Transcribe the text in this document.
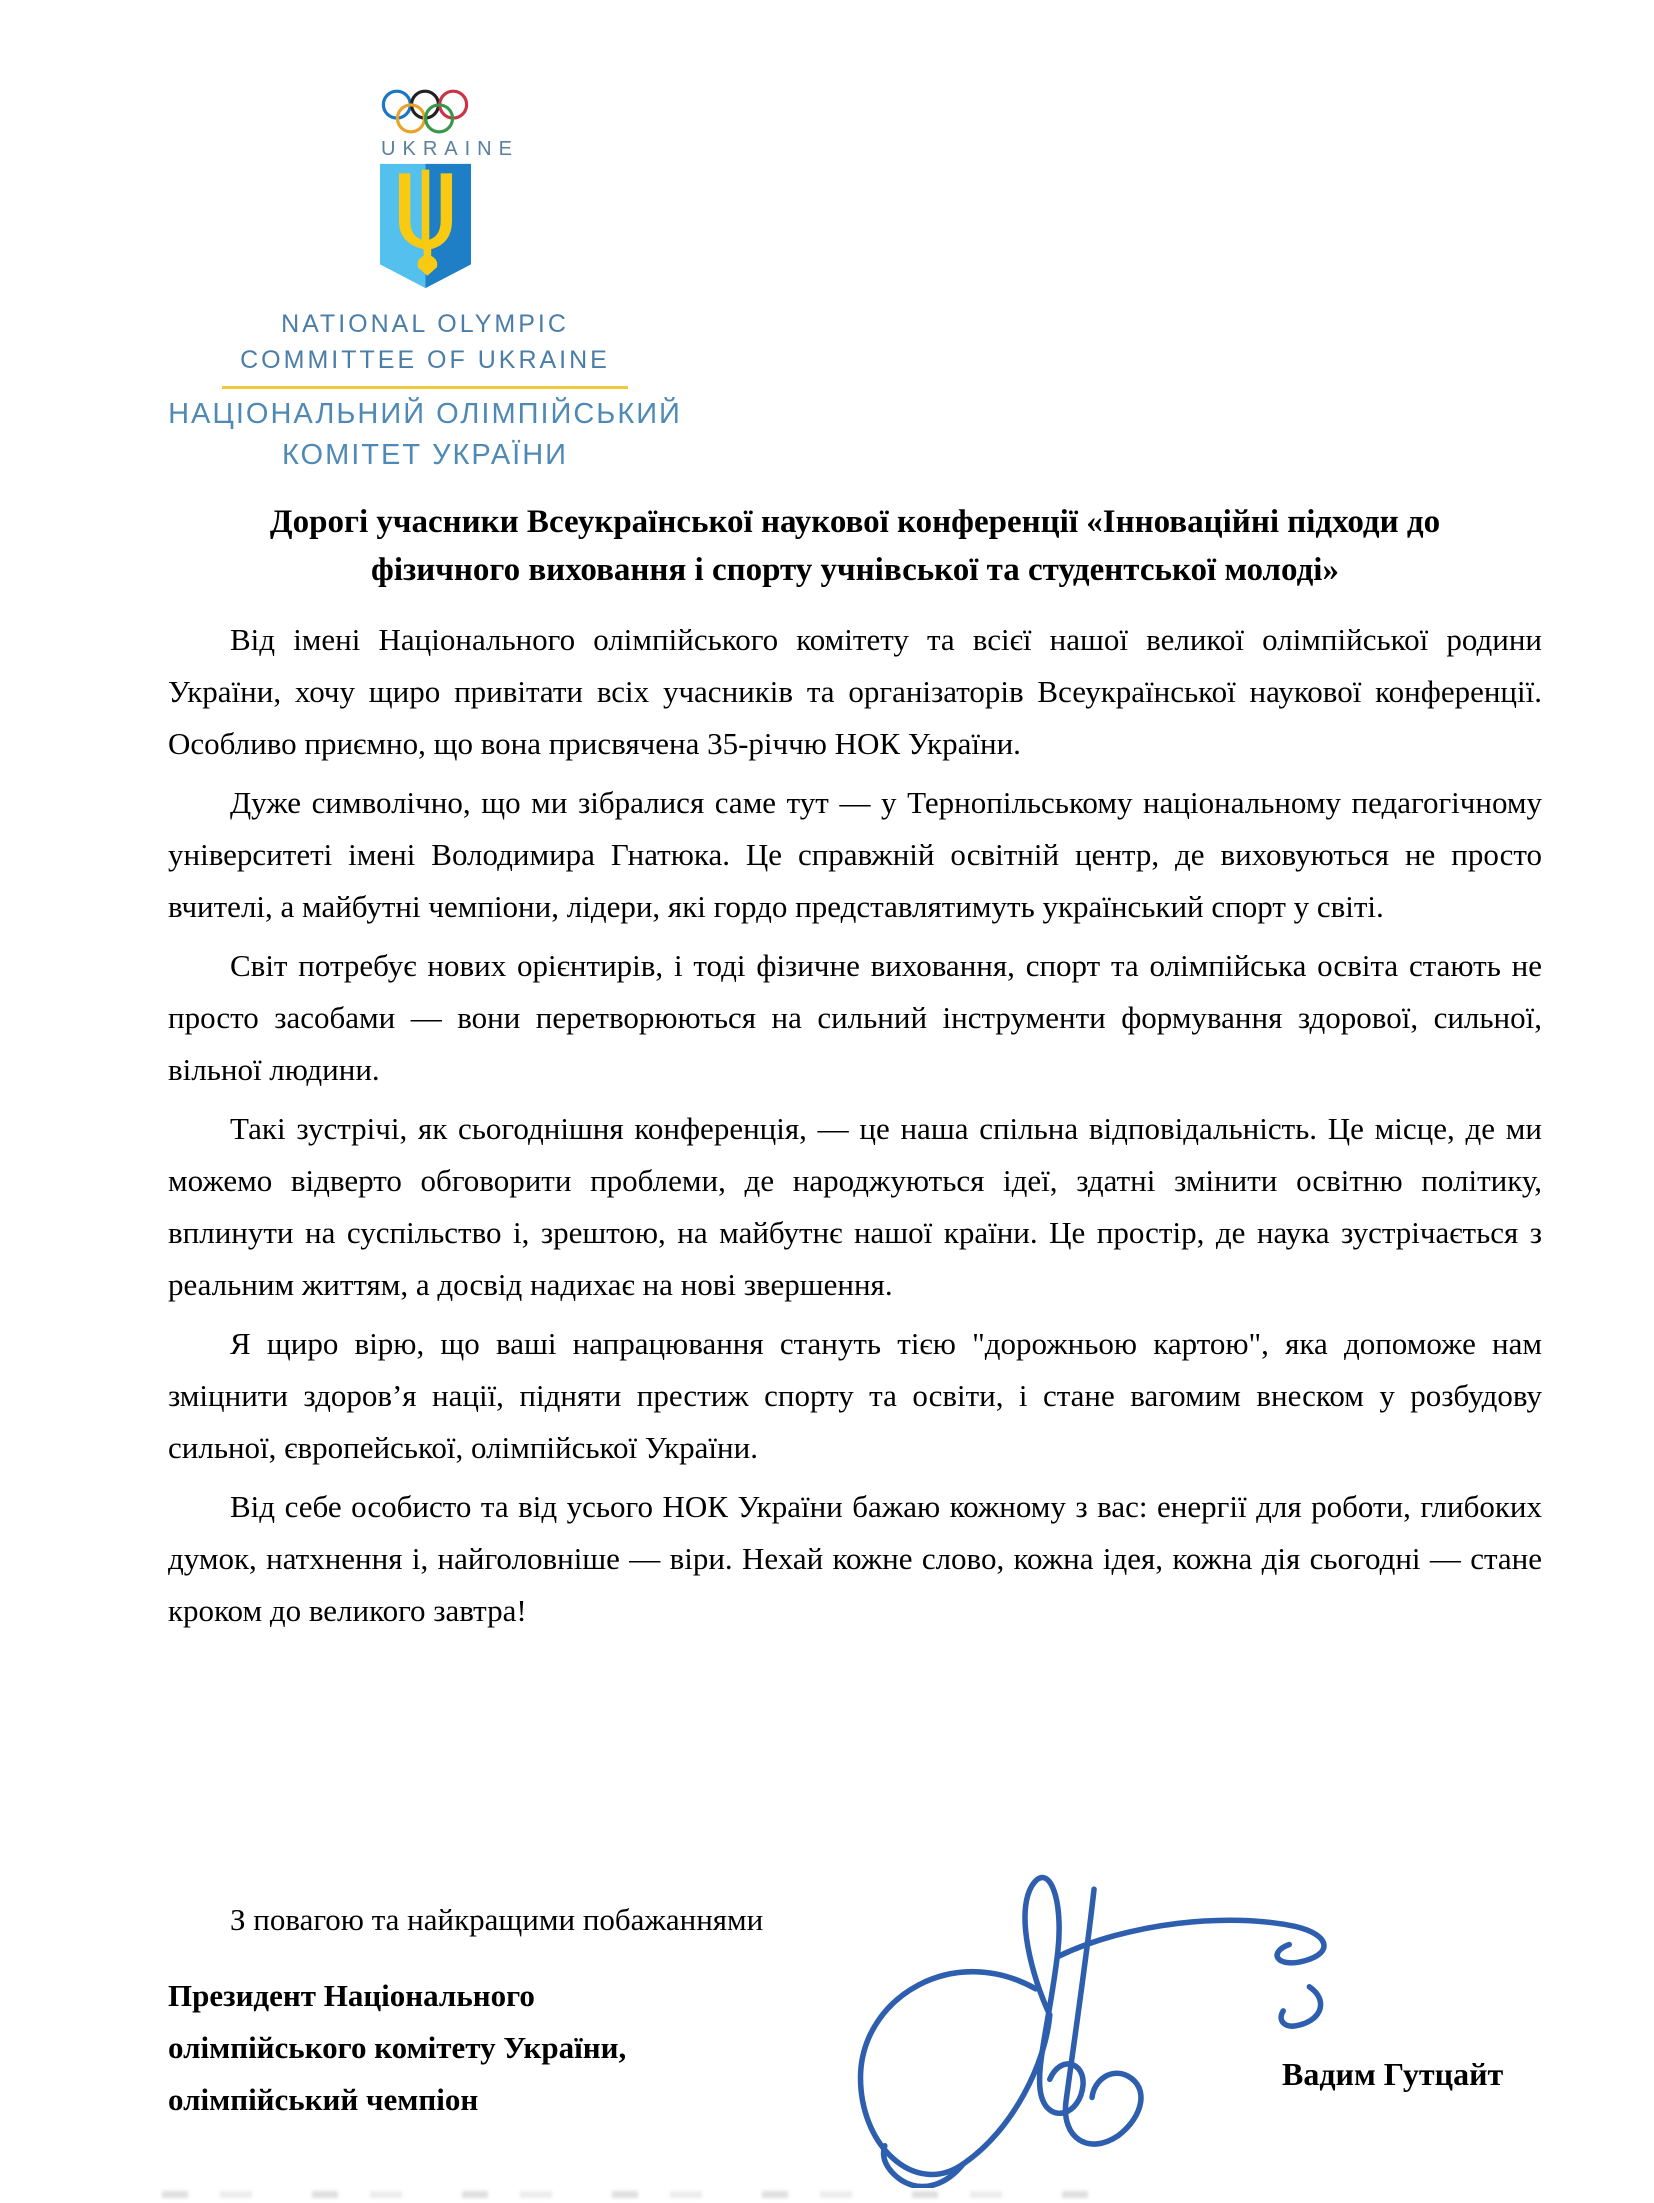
UKRAINE
NATIONAL OLYMPIC
COMMITTEE OF UKRAINE
НАЦІОНАЛЬНИЙ ОЛІМПІЙСЬКИЙ
КОМІТЕТ УКРАЇНИ
Дорогі учасники Всеукраїнської наукової конференції «Інноваційні підходи до фізичного виховання і спорту учнівської та студентської молоді»

Від імені Національного олімпійського комітету та всієї нашої великої олімпійської родини України, хочу щиро привітати всіх учасників та організаторів Всеукраїнської наукової конференції. Особливо приємно, що вона присвячена 35-річчю НОК України.

Дуже символічно, що ми зібралися саме тут — у Тернопільському національному педагогічному університеті імені Володимира Гнатюка. Це справжній освітній центр, де виховуються не просто вчителі, а майбутні чемпіони, лідери, які гордо представлятимуть український спорт у світі.

Світ потребує нових орієнтирів, і тоді фізичне виховання, спорт та олімпійська освіта стають не просто засобами — вони перетворюються на сильний інструменти формування здорової, сильної, вільної людини.

Такі зустрічі, як сьогоднішня конференція, — це наша спільна відповідальність. Це місце, де ми можемо відверто обговорити проблеми, де народжуються ідеї, здатні змінити освітню політику, вплинути на суспільство і, зрештою, на майбутнє нашої країни. Це простір, де наука зустрічається з реальним життям, а досвід надихає на нові звершення.

Я щиро вірю, що ваші напрацювання стануть тією "дорожньою картою", яка допоможе нам зміцнити здоров’я нації, підняти престиж спорту та освіти, і стане вагомим внеском у розбудову сильної, європейської, олімпійської України.

Від себе особисто та від усього НОК України бажаю кожному з вас: енергії для роботи, глибоких думок, натхнення і, найголовніше — віри. Нехай кожне слово, кожна ідея, кожна дія сьогодні — стане кроком до великого завтра!

З повагою та найкращими побажаннями
Президент Національного
олімпійського комітету України,
олімпійський чемпіон
Вадим Гутцайт
